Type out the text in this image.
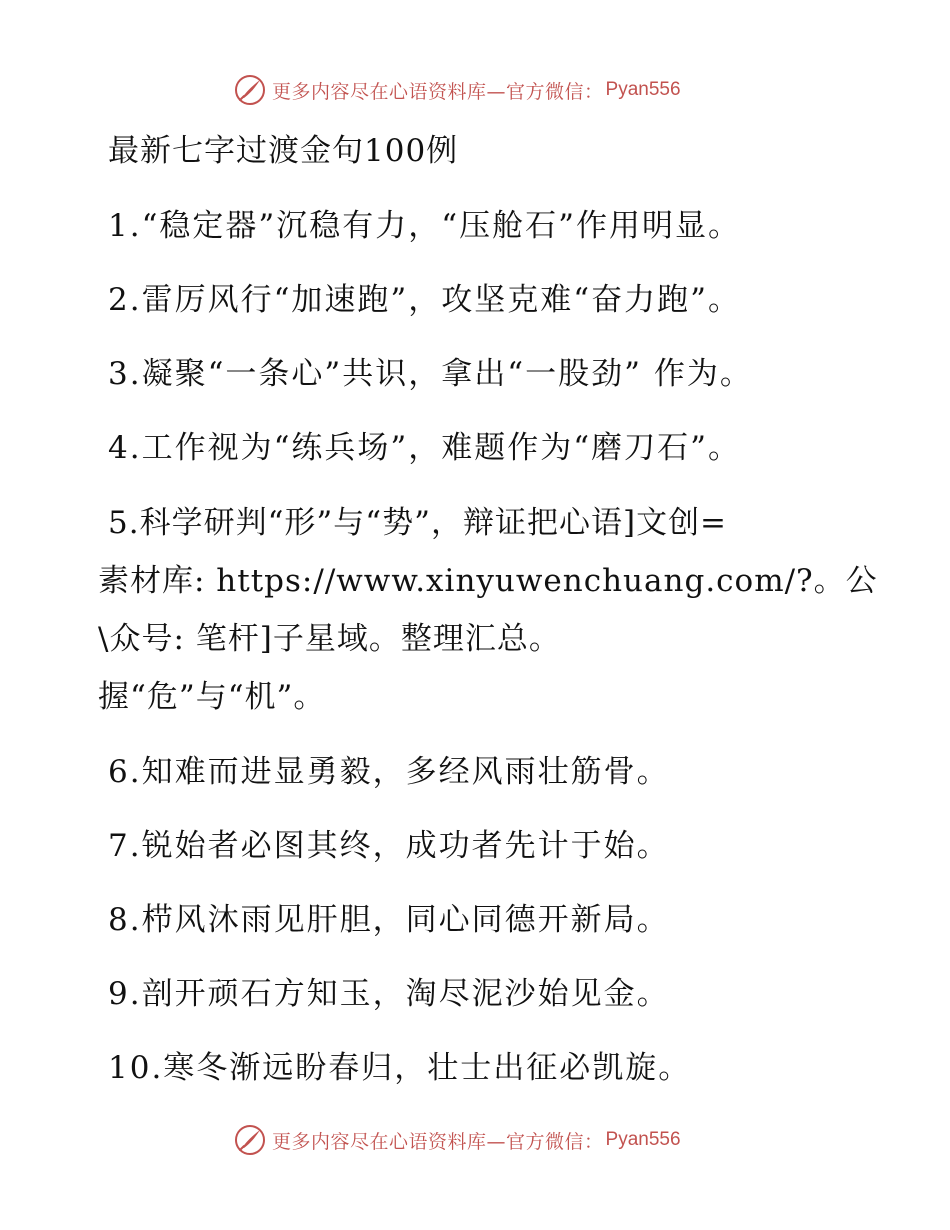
更多内容尽在心语资料库—官方微信： Pyan556
最新七字过渡金句100例
1.“稳定器”沉稳有力，“压舱石”作用明显。
2.雷厉风行“加速跑”，攻坚克难“奋力跑”。
3.凝聚“一条心”共识，拿出“一股劲” 作为。
4.工作视为“练兵场”，难题作为“磨刀石”。
5.科学研判“形”与“势”，辩证把心语]文创=
素材库: https://www.xinyuwenchuang.com/?。公
\众号: 笔杆]子星域。整理汇总。
握“危”与“机”。
6.知难而进显勇毅，多经风雨壮筋骨。
7.锐始者必图其终，成功者先计于始。
8.栉风沐雨见肝胆，同心同德开新局。
9.剖开顽石方知玉，淘尽泥沙始见金。
10.寒冬渐远盼春归，壮士出征必凯旋。
更多内容尽在心语资料库—官方微信： Pyan556
